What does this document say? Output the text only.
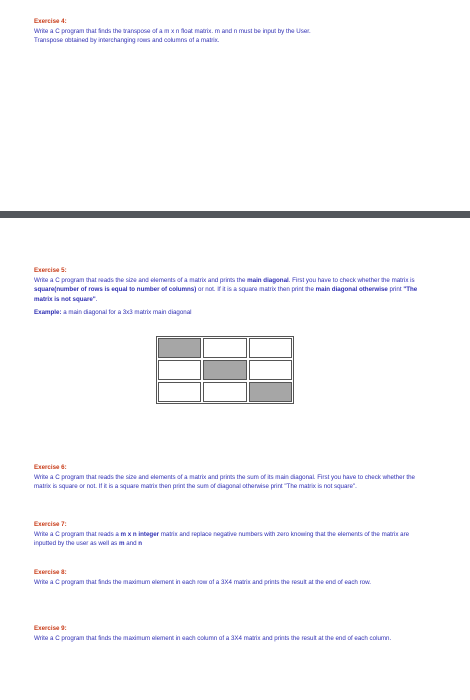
Exercise 4:
Write a C program that finds the transpose of a m x n float matrix. m and n must be input by the User.
Transpose obtained by interchanging rows and columns of a matrix.
Exercise 5:
Write a C program that reads the size and elements of a matrix and prints the main diagonal. First you have to check whether the matrix is square(number of rows is equal to number of columns) or not. If it is a square matrix then print the main diagonal otherwise print "The matrix is not square".
Example: a main diagonal for a 3x3 matrix main diagonal
Exercise 6:
Write a C program that reads the size and elements of a matrix and prints the sum of its main diagonal. First you have to check whether the matrix is square or not. If it is a square matrix then print the sum of diagonal otherwise print "The matrix is not square".
Exercise 7:
Write a C program that reads a m x n integer matrix and replace negative numbers with zero knowing that the elements of the matrix are inputted by the user as well as m and n
Exercise 8:
Write a C program that finds the maximum element in each row of a 3X4 matrix and prints the result at the end of each row.
Exercise 9:
Write a C program that finds the maximum element in each column of a 3X4 matrix and prints the result at the end of each column.
